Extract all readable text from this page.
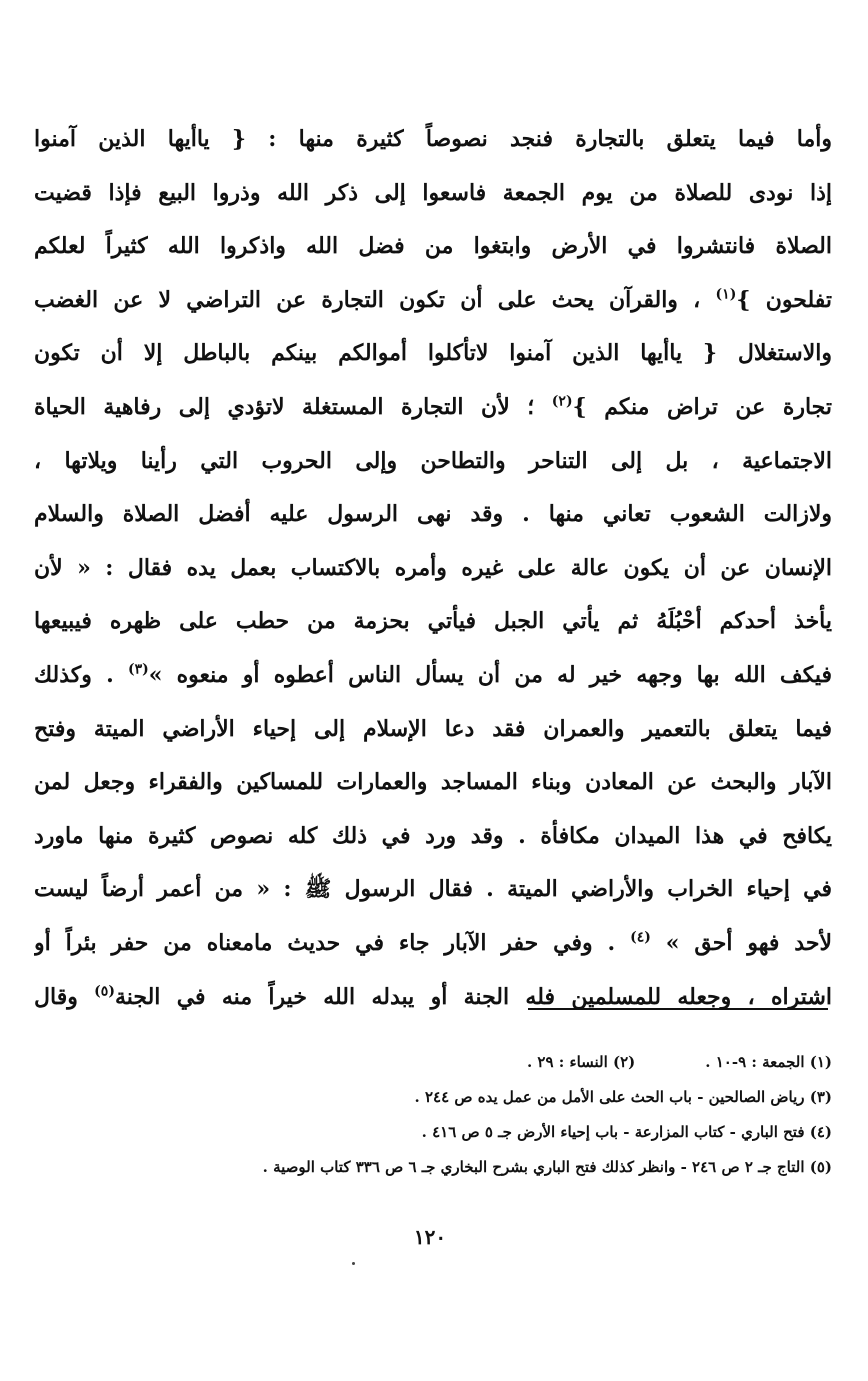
وأما فيما يتعلق بالتجارة فنجد نصوصاً كثيرة منها : { ياأيها الذين آمنوا
إذا نودى للصلاة من يوم الجمعة فاسعوا إلى ذكر الله وذروا البيع فإذا قضيت
الصلاة فانتشروا في الأرض وابتغوا من فضل الله واذكروا الله كثيراً لعلكم
تفلحون }$^{(١)}$ ، والقرآن يحث على أن تكون التجارة عن التراضي لا عن الغضب
والاستغلال { ياأيها الذين آمنوا لاتأكلوا أموالكم بينكم بالباطل إلا أن تكون
تجارة عن تراض منكم }$^{(٢)}$ ؛ لأن التجارة المستغلة لاتؤدي إلى رفاهية الحياة
الاجتماعية ، بل إلى التناحر والتطاحن وإلى الحروب التي رأينا ويلاتها ،
ولازالت الشعوب تعاني منها . وقد نهى الرسول عليه أفضل الصلاة والسلام
الإنسان عن أن يكون عالة على غيره وأمره بالاكتساب بعمل يده فقال : « لأن
يأخذ أحدكم أحْبُلَهُ ثم يأتي الجبل فيأتي بحزمة من حطب على ظهره فيبيعها
فيكف الله بها وجهه خير له من أن يسأل الناس أعطوه أو منعوه »$^{(٣)}$ . وكذلك
فيما يتعلق بالتعمير والعمران فقد دعا الإسلام إلى إحياء الأراضي الميتة وفتح
الآبار والبحث عن المعادن وبناء المساجد والعمارات للمساكين والفقراء وجعل لمن
يكافح في هذا الميدان مكافأة . وقد ورد في ذلك كله نصوص كثيرة منها ماورد
في إحياء الخراب والأراضي الميتة . فقال الرسول ﷺ : « من أعمر أرضاً ليست
لأحد فهو أحق » $^{(٤)}$ . وفي حفر الآبار جاء في حديث مامعناه من حفر بئراً أو
اشتراه ، وجعله للمسلمين فله الجنة أو يبدله الله خيراً منه في الجنة$^{(٥)}$ وقال
(١) الجمعة : ٩-١٠ .(٢) النساء : ٢٩ .
(٣) رياض الصالحين - باب الحث على الأمل من عمل يده ص ٢٤٤ .
(٤) فتح الباري - كتاب المزارعة - باب إحياء الأرض جـ ٥ ص ٤١٦ .
(٥) التاج جـ ٢ ص ٢٤٦ - وانظر كذلك فتح الباري بشرح البخاري جـ ٦ ص ٣٣٦ كتاب الوصية .
١٢٠
